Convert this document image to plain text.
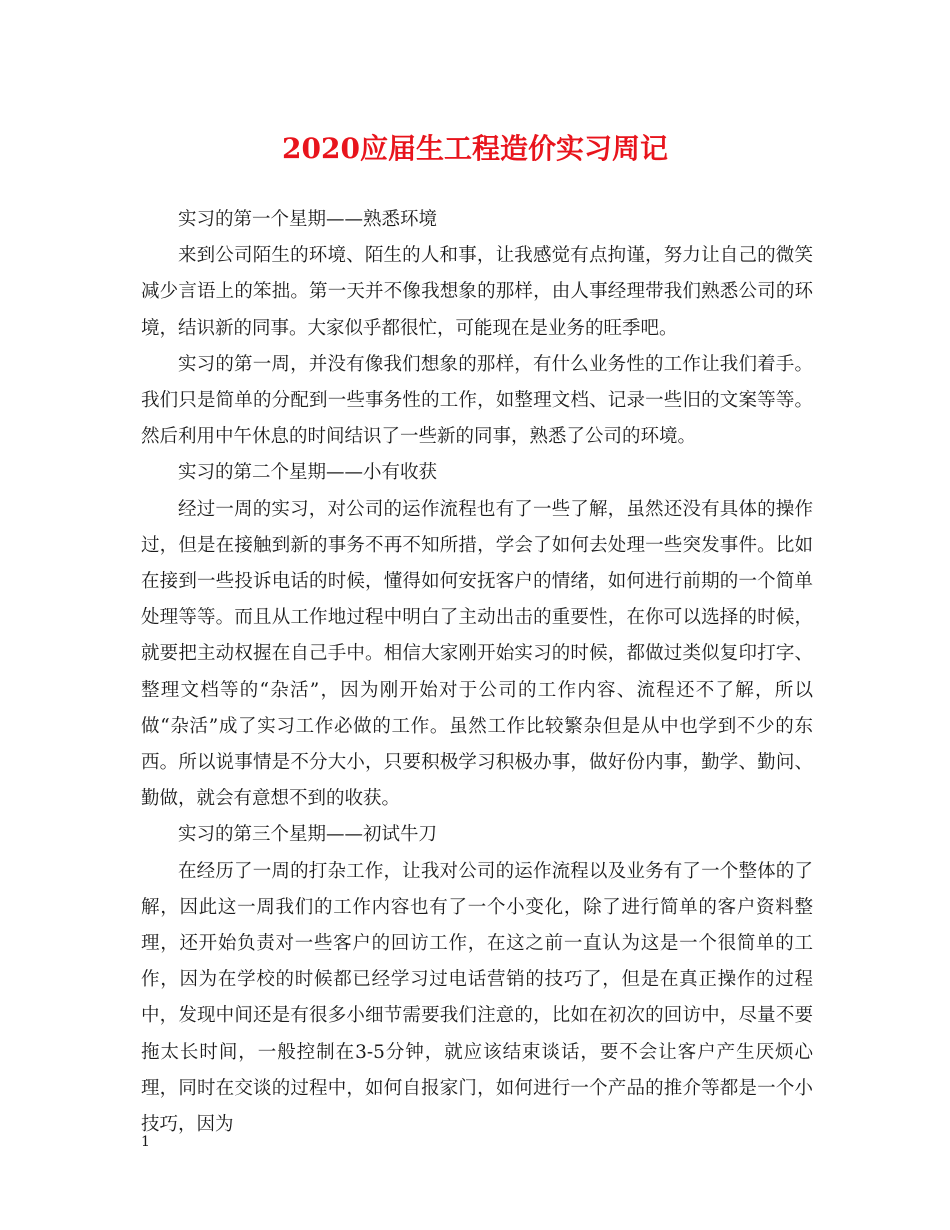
2020应届生工程造价实习周记

实习的第一个星期——熟悉环境

来到公司陌生的环境、陌生的人和事，让我感觉有点拘谨，努力让自己的微笑减少言语上的笨拙。第一天并不像我想象的那样，由人事经理带我们熟悉公司的环境，结识新的同事。大家似乎都很忙，可能现在是业务的旺季吧。

实习的第一周，并没有像我们想象的那样，有什么业务性的工作让我们着手。我们只是简单的分配到一些事务性的工作，如整理文档、记录一些旧的文案等等。然后利用中午休息的时间结识了一些新的同事，熟悉了公司的环境。

实习的第二个星期——小有收获

经过一周的实习，对公司的运作流程也有了一些了解，虽然还没有具体的操作过，但是在接触到新的事务不再不知所措，学会了如何去处理一些突发事件。比如在接到一些投诉电话的时候，懂得如何安抚客户的情绪，如何进行前期的一个简单处理等等。而且从工作地过程中明白了主动出击的重要性，在你可以选择的时候，就要把主动权握在自己手中。相信大家刚开始实习的时候，都做过类似复印打字、整理文档等的“杂活”，因为刚开始对于公司的工作内容、流程还不了解，所以做“杂活”成了实习工作必做的工作。虽然工作比较繁杂但是从中也学到不少的东西。所以说事情是不分大小，只要积极学习积极办事，做好份内事，勤学、勤问、勤做，就会有意想不到的收获。

实习的第三个星期——初试牛刀

在经历了一周的打杂工作，让我对公司的运作流程以及业务有了一个整体的了解，因此这一周我们的工作内容也有了一个小变化，除了进行简单的客户资料整理，还开始负责对一些客户的回访工作，在这之前一直认为这是一个很简单的工作，因为在学校的时候都已经学习过电话营销的技巧了，但是在真正操作的过程中，发现中间还是有很多小细节需要我们注意的，比如在初次的回访中，尽量不要拖太长时间，一般控制在3-5分钟，就应该结束谈话，要不会让客户产生厌烦心理，同时在交谈的过程中，如何自报家门，如何进行一个产品的推介等都是一个小技巧，因为

1
